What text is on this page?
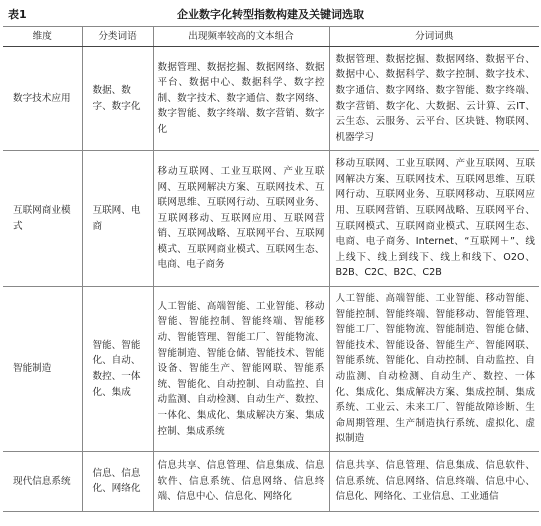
表1	企业数字化转型指数构建及关键词选取
维度	分类词语	出现频率较高的文本组合	分词词典
数字技术应用	数据、数字、数字化	数据管理、数据挖掘、数据网络、数据平台、数据中心、数据科学、数字控制、数字技术、数字通信、数字网络、数字智能、数字终端、数字营销、数字化	数据管理、数据挖掘、数据网络、数据平台、数据中心、数据科学、数字控制、数字技术、数字通信、数字网络、数字智能、数字终端、数字营销、数字化、大数据、云计算、云IT、云生态、云服务、云平台、区块链、物联网、机器学习
互联网商业模式	互联网、电商	移动互联网、工业互联网、产业互联网、互联网解决方案、互联网技术、互联网思维、互联网行动、互联网业务、互联网移动、互联网应用、互联网营销、互联网战略、互联网平台、互联网模式、互联网商业模式、互联网生态、电商、电子商务	移动互联网、工业互联网、产业互联网、互联网解决方案、互联网技术、互联网思维、互联网行动、互联网业务、互联网移动、互联网应用、互联网营销、互联网战略、互联网平台、互联网模式、互联网商业模式、互联网生态、电商、电子商务、Internet、“互联网＋”、线上线下、线上到线下、线上和线下、O2O、B2B、C2C、B2C、C2B
智能制造	智能、智能化、自动、数控、一体化、集成	人工智能、高端智能、工业智能、移动智能、智能控制、智能终端、智能移动、智能管理、智能工厂、智能物流、智能制造、智能仓储、智能技术、智能设备、智能生产、智能网联、智能系统、智能化、自动控制、自动监控、自动监测、自动检测、自动生产、数控、一体化、集成化、集成解决方案、集成控制、集成系统	人工智能、高端智能、工业智能、移动智能、智能控制、智能终端、智能移动、智能管理、智能工厂、智能物流、智能制造、智能仓储、智能技术、智能设备、智能生产、智能网联、智能系统、智能化、自动控制、自动监控、自动监测、自动检测、自动生产、数控、一体化、集成化、集成解决方案、集成控制、集成系统、工业云、未来工厂、智能故障诊断、生命周期管理、生产制造执行系统、虚拟化、虚拟制造
现代信息系统	信息、信息化、网络化	信息共享、信息管理、信息集成、信息软件、信息系统、信息网络、信息终端、信息中心、信息化、网络化	信息共享、信息管理、信息集成、信息软件、信息系统、信息网络、信息终端、信息中心、信息化、网络化、工业信息、工业通信
